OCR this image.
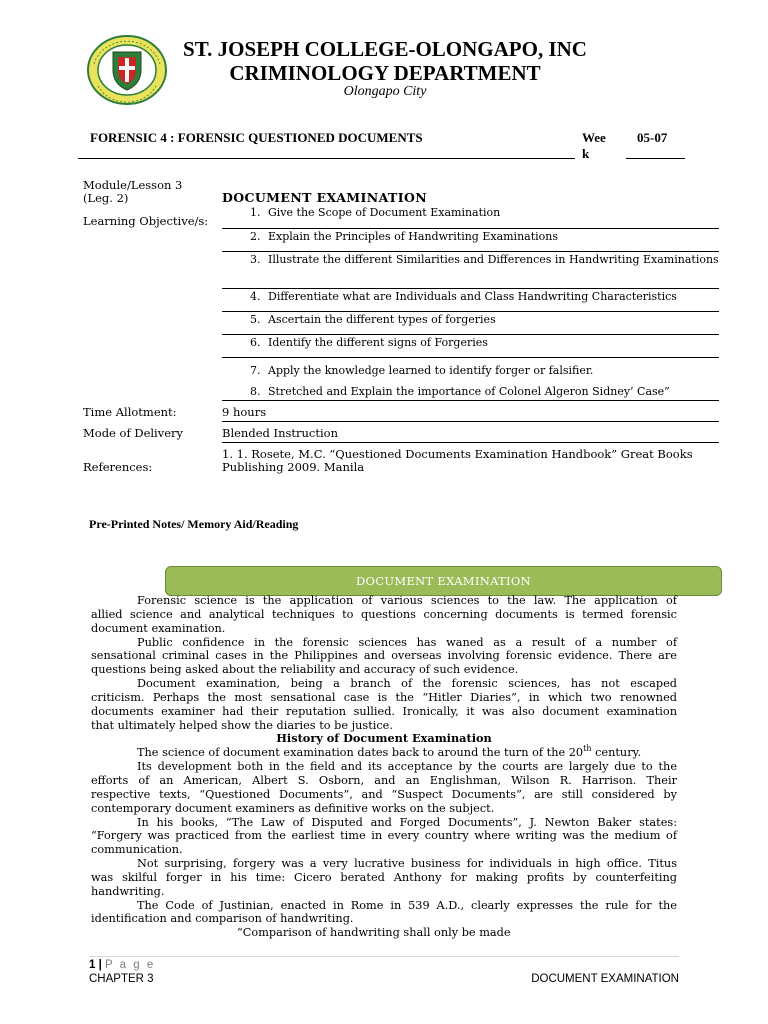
ST. JOSEPH COLLEGE-OLONGAPO, INC
CRIMINOLOGY DEPARTMENT
Olongapo City
FORENSIC 4 : FORENSIC QUESTIONED DOCUMENTS	Wee k
05-07
Module/Lesson 3
(Leg. 2)	DOCUMENT EXAMINATION
Learning Objective/s:
1. Give the Scope of Document Examination
2. Explain the Principles of Handwriting Examinations
3. Illustrate the different Similarities and Differences in Handwriting Examinations
4. Differentiate what are Individuals and Class Handwriting Characteristics
5. Ascertain the different types of forgeries
6. Identify the different signs of Forgeries
7. Apply the knowledge learned to identify forger or falsifier.
8. Stretched and Explain the importance of Colonel Algeron Sidney’ Case”
Time Allotment:	9 hours
Mode of Delivery	Blended Instruction
References:
1. 1. Rosete, M.C. “Questioned Documents Examination Handbook” Great Books Publishing 2009. Manila
Pre-Printed Notes/ Memory Aid/Reading
DOCUMENT EXAMINATION

Forensic science is the application of various sciences to the law. The application of

allied science and analytical techniques to questions concerning documents is termed forensic

document examination.

Public confidence in the forensic sciences has waned as a result of a number of

sensational criminal cases in the Philippines and overseas involving forensic evidence. There are

questions being asked about the reliability and accuracy of such evidence.

Document examination, being a branch of the forensic sciences, has not escaped

criticism. Perhaps the most sensational case is the “Hitler Diaries”, in which two renowned

documents examiner had their reputation sullied. Ironically, it was also document examination

that ultimately helped show the diaries to be justice.

History of Document Examination

The science of document examination dates back to around the turn of the 20th century.

Its development both in the field and its acceptance by the courts are largely due to the

efforts of an American, Albert S. Osborn, and an Englishman, Wilson R. Harrison. Their

respective texts, “Questioned Documents”, and “Suspect Documents”, are still considered by

contemporary document examiners as definitive works on the subject.

In his books, “The Law of Disputed and Forged Documents”, J. Newton Baker states:

“Forgery was practiced from the earliest time in every country where writing was the medium of

communication.

Not surprising, forgery was a very lucrative business for individuals in high office. Titus

was skilful forger in his time: Cicero berated Anthony for making profits by counterfeiting

handwriting.

The Code of Justinian, enacted in Rome in 539 A.D., clearly expresses the rule for the

identification and comparison of handwriting.

“Comparison of handwriting shall only be made

1 | P a g e
CHAPTER 3	DOCUMENT EXAMINATION
